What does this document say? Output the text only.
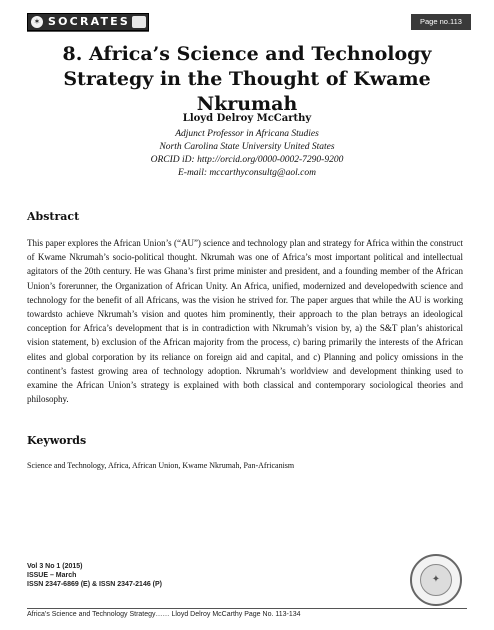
✶ SOCRATES	Page no.113
8. Africa’s Science and Technology Strategy in the Thought of Kwame Nkrumah
Lloyd Delroy McCarthy
Adjunct Professor in Africana Studies
North Carolina State University United States
ORCID iD: http://orcid.org/0000-0002-7290-9200
E-mail: mccarthyconsultg@aol.com
Abstract

This paper explores the African Union’s (“AU”) science and technology plan and strategy for Africa within the construct of Kwame Nkrumah’s socio-political thought. Nkrumah was one of Africa’s most important political and intellectual agitators of the 20th century. He was Ghana’s first prime minister and president, and a founding member of the African Union’s forerunner, the Organization of African Unity. An Africa, unified, modernized and developedwith science and technology for the benefit of all Africans, was the vision he strived for. The paper argues that while the AU is working towardsto achieve Nkrumah’s vision and quotes him prominently, their approach to the plan betrays an ideological conception for Africa’s development that is in contradiction with Nkrumah’s vision by, a) the S&T plan’s ahistorical vision statement, b) exclusion of the African majority from the process, c) baring primarily the interests of the African elites and global corporation by its reliance on foreign aid and capital, and c) Planning and policy omissions in the continent’s fastest growing area of technology adoption. Nkrumah’s worldview and development thinking used to examine the African Union’s strategy is explained with both classical and contemporary sociological theories and philosophy.

Keywords

Science and Technology, Africa, African Union, Kwame Nkrumah, Pan-Africanism

Vol 3 No 1 (2015)
ISSUE – March
ISSN 2347-6869 (E) & ISSN 2347-2146 (P)	✦

Africa’s Science and Technology Strategy…… Lloyd Delroy McCarthy Page No. 113-134
